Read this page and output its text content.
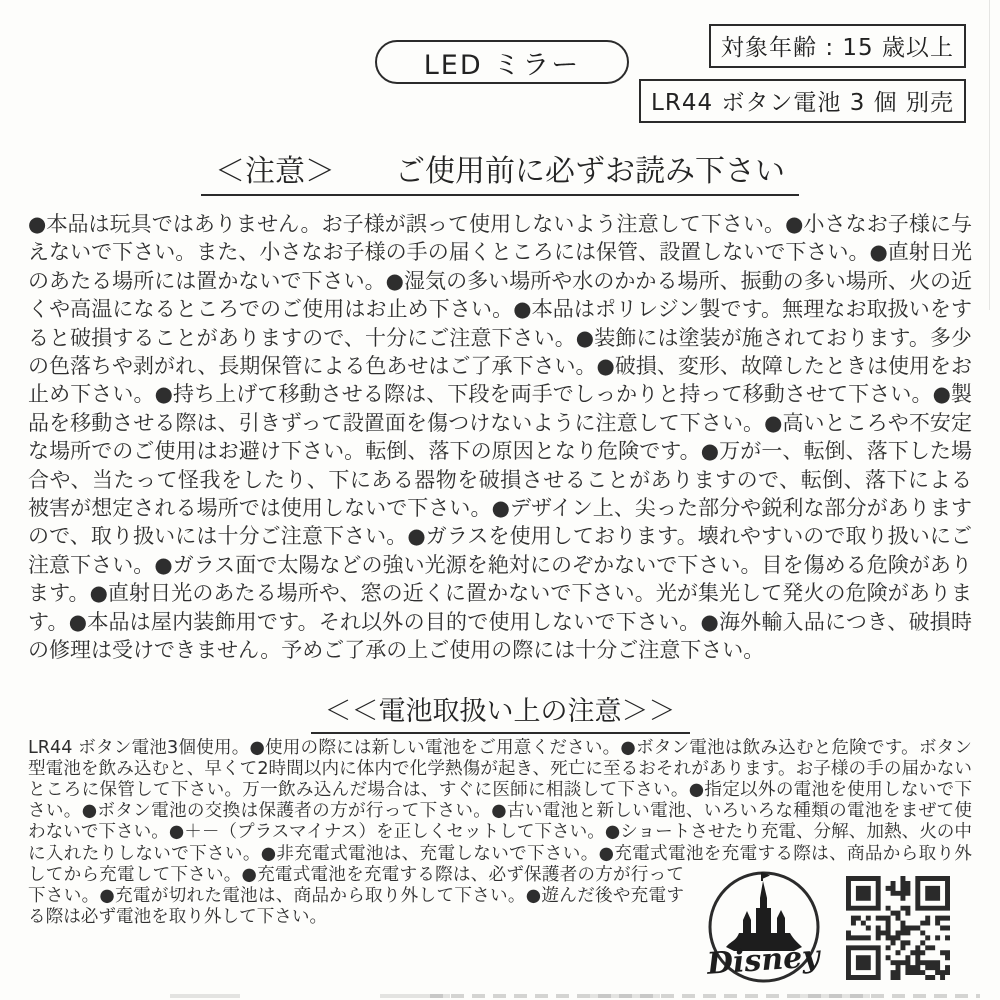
LED ミラー
対象年齢 : 15 歳以上
LR44 ボタン電池 3 個 別売
＜注意＞　　ご使用前に必ずお読み下さい

●本品は玩具ではありません。お子様が誤って使用しないよう注意して下さい。●小さなお子様に与えないで下さい。また、小さなお子様の手の届くところには保管、設置しないで下さい。●直射日光のあたる場所には置かないで下さい。●湿気の多い場所や水のかかる場所、振動の多い場所、火の近くや高温になるところでのご使用はお止め下さい。●本品はポリレジン製です。無理なお取扱いをすると破損することがありますので、十分にご注意下さい。●装飾には塗装が施されております。多少の色落ちや剥がれ、長期保管による色あせはご了承下さい。●破損、変形、故障したときは使用をお止め下さい。●持ち上げて移動させる際は、下段を両手でしっかりと持って移動させて下さい。●製品を移動させる際は、引きずって設置面を傷つけないように注意して下さい。●高いところや不安定な場所でのご使用はお避け下さい。転倒、落下の原因となり危険です。●万が一、転倒、落下した場合や、当たって怪我をしたり、下にある器物を破損させることがありますので、転倒、落下による被害が想定される場所では使用しないで下さい。●デザイン上、尖った部分や鋭利な部分がありますので、取り扱いには十分ご注意下さい。●ガラスを使用しております。壊れやすいので取り扱いにご注意下さい。●ガラス面で太陽などの強い光源を絶対にのぞかないで下さい。目を傷める危険があります。●直射日光のあたる場所や、窓の近くに置かないで下さい。光が集光して発火の危険があります。●本品は屋内装飾用です。それ以外の目的で使用しないで下さい。●海外輸入品につき、破損時の修理は受けできません。予めご了承の上ご使用の際には十分ご注意下さい。

＜＜電池取扱い上の注意＞＞

LR44 ボタン電池3個使用。●使用の際には新しい電池をご用意ください。●ボタン電池は飲み込むと危険です。ボタン型電池を飲み込むと、早くて2時間以内に体内で化学熱傷が起き、死亡に至るおそれがあります。お子様の手の届かないところに保管して下さい。万一飲み込んだ場合は、すぐに医師に相談して下さい。●指定以外の電池を使用しないで下さい。●ボタン電池の交換は保護者の方が行って下さい。●古い電池と新しい電池、いろいろな種類の電池をまぜて使わないで下さい。●＋－（プラスマイナス）を正しくセットして下さい。●ショートさせたり充電、分解、加熱、火の中に入れたりしないで下さい。●非充電式電池は、充電しないで下さい。●充電式電池を充電する際
Disney
は、商品から取り外してから充電して下さい。●充電式電池を充電する際は、必ず保護者の方が行って下さい。●充電が切れた電池は、商品から取り外して下さい。●遊んだ後や充電する際は必ず電池を取り外して下さい。
